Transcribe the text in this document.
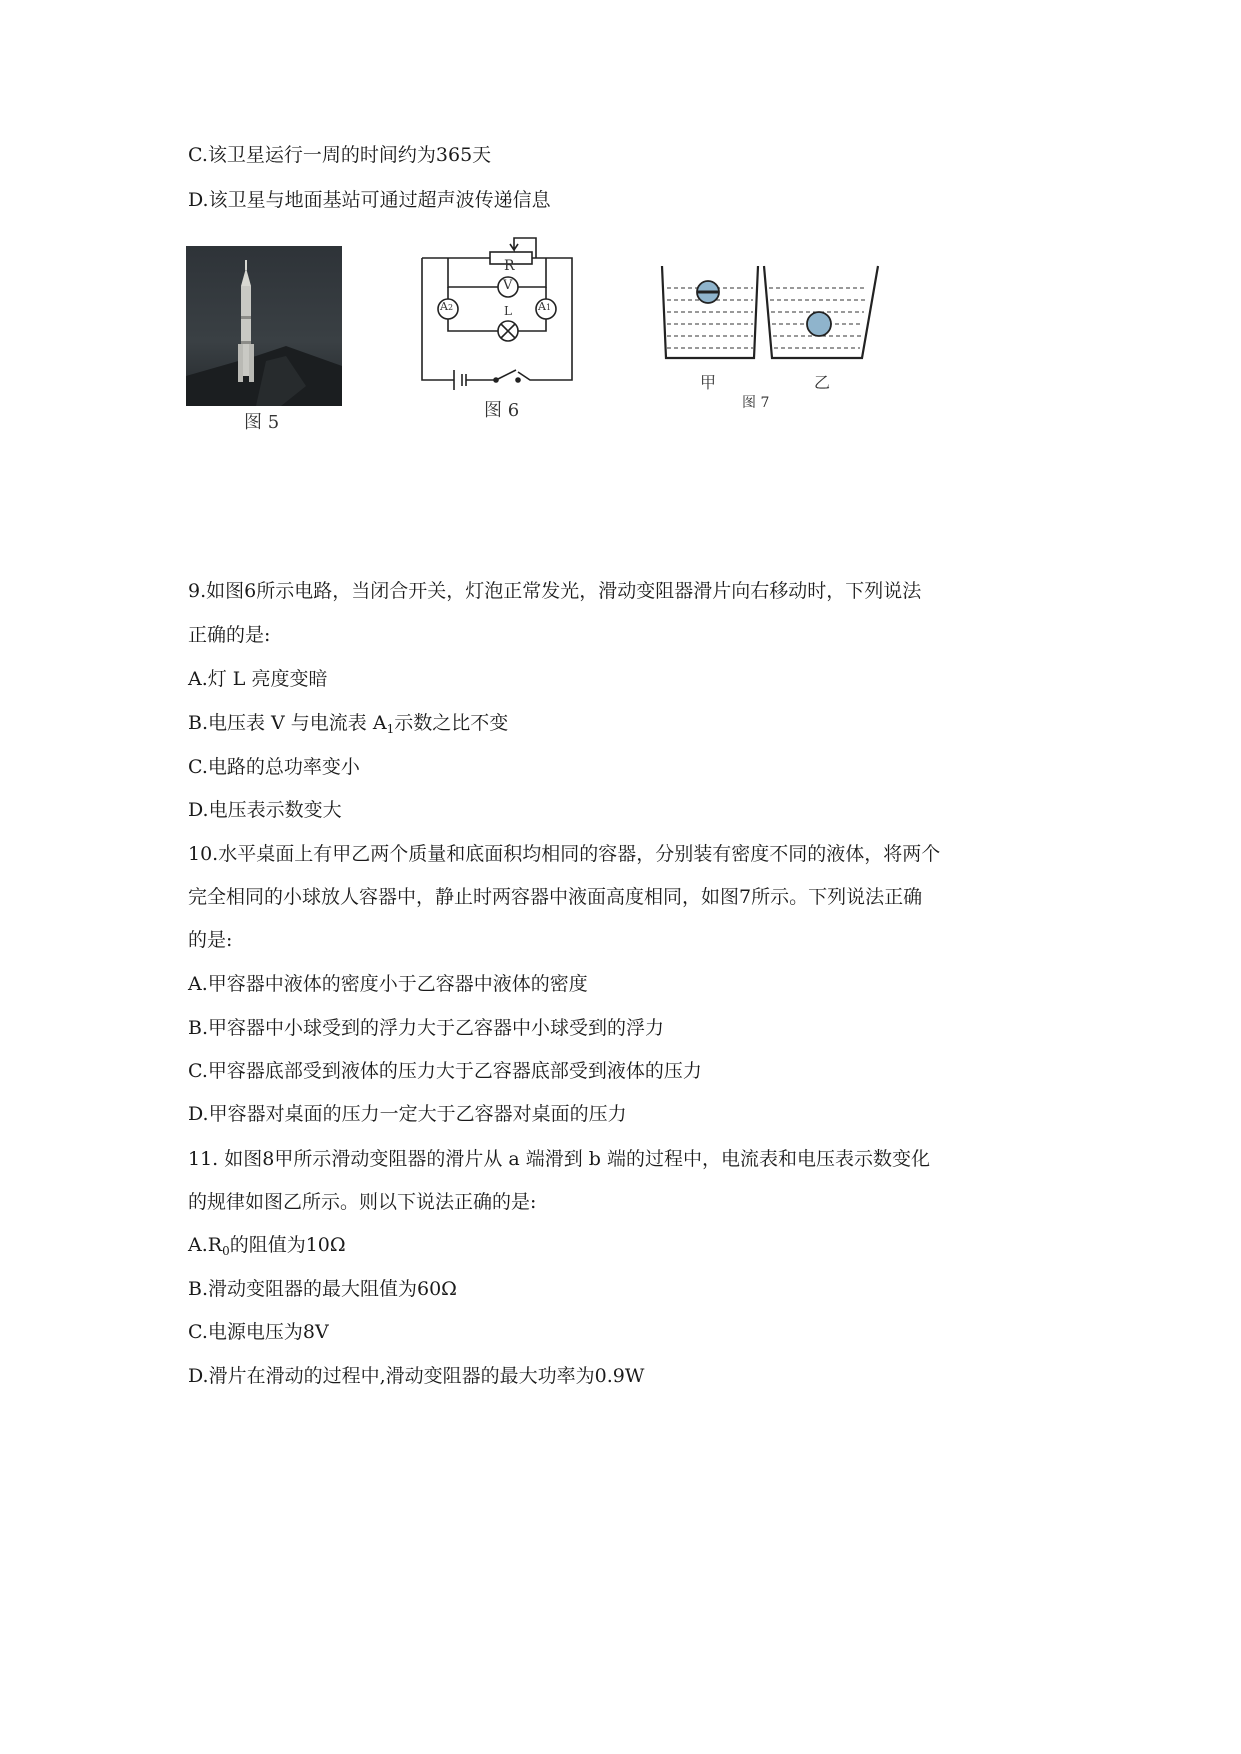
C.该卫星运行一周的时间约为365天
D.该卫星与地面基站可通过超声波传递信息
图 5
R
V
A2	A1
L
图 6
甲	乙
图 7
9.如图6所示电路，当闭合开关，灯泡正常发光，滑动变阻器滑片向右移动时，下列说法
正确的是:
A.灯 L 亮度变暗
B.电压表 V 与电流表 $A_1$示数之比不变
C.电路的总功率变小
D.电压表示数变大
10.水平桌面上有甲乙两个质量和底面积均相同的容器，分别装有密度不同的液体，将两个
完全相同的小球放人容器中，静止时两容器中液面高度相同，如图7所示。下列说法正确
的是:
A.甲容器中液体的密度小于乙容器中液体的密度
B.甲容器中小球受到的浮力大于乙容器中小球受到的浮力
C.甲容器底部受到液体的压力大于乙容器底部受到液体的压力
D.甲容器对桌面的压力一定大于乙容器对桌面的压力
11. 如图8甲所示滑动变阻器的滑片从 a 端滑到 b 端的过程中，电流表和电压表示数变化
的规律如图乙所示。则以下说法正确的是:
$A.R_0$的阻值为10Ω
B.滑动变阻器的最大阻值为60Ω
C.电源电压为8V
D.滑片在滑动的过程中,滑动变阻器的最大功率为0.9W
